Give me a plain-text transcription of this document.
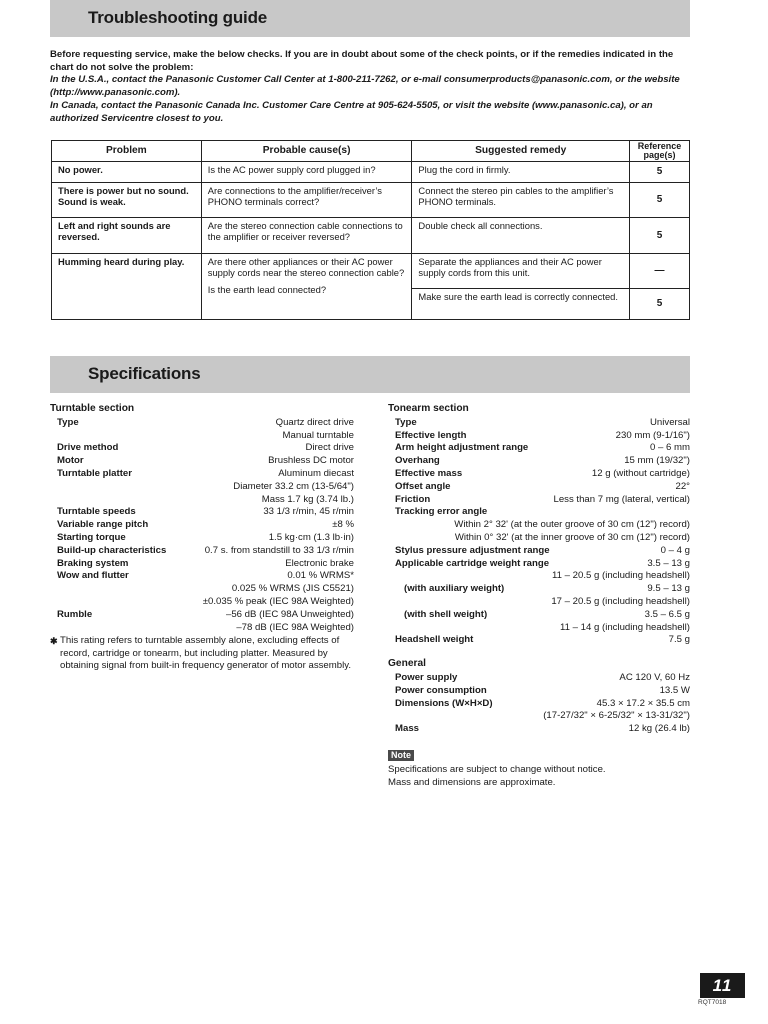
Troubleshooting guide

Before requesting service, make the below checks. If you are in doubt about some of the check points, or if the remedies indicated in the chart do not solve the problem:

In the U.S.A., contact the Panasonic Customer Call Center at 1-800-211-7262, or e-mail consumerproducts@panasonic.com, or the website (http://www.panasonic.com).

In Canada, contact the Panasonic Canada Inc. Customer Care Centre at 905-624-5505, or visit the website (www.panasonic.ca), or an authorized Servicentre closest to you.

Problem	Probable cause(s)	Suggested remedy	Reference page(s)
No power.	Is the AC power supply cord plugged in?	Plug the cord in firmly.	5
There is power but no sound. Sound is weak.	Are connections to the amplifier/receiver’s PHONO terminals correct?	Connect the stereo pin cables to the amplifier’s PHONO terminals.	5
Left and right sounds are reversed.	Are the stereo connection cable connections to the amplifier or receiver reversed?	Double check all connections.	5
Humming heard during play.	Are there other appliances or their AC power supply cords near the stereo connection cable?
Is the earth lead connected?	Separate the appliances and their AC power supply cords from this unit.	—
		Make sure the earth lead is correctly connected.	5
Specifications
Turntable section
Type	Quartz direct drive
Manual turntable
Drive method	Direct drive
Motor	Brushless DC motor
Turntable platter	Aluminum diecast
Diameter 33.2 cm (13-5/64")
Mass 1.7 kg (3.74 lb.)
Turntable speeds	33 1/3 r/min, 45 r/min
Variable range pitch	±8 %
Starting torque	1.5 kg·cm (1.3 lb·in)
Build-up characteristics	0.7 s. from standstill to 33 1/3 r/min
Braking system	Electronic brake
Wow and flutter	0.01 % WRMS*
0.025 % WRMS (JIS C5521)
±0.035 % peak (IEC 98A Weighted)
Rumble	–56 dB (IEC 98A Unweighted)
–78 dB (IEC 98A Weighted)
✱ This rating refers to turntable assembly alone, excluding effects of record, cartridge or tonearm, but including platter. Measured by obtaining signal from built-in frequency generator of motor assembly.
Tonearm section
Type	Universal
Effective length	230 mm (9-1/16")
Arm height adjustment range	0 – 6 mm
Overhang	15 mm (19/32")
Effective mass	12 g (without cartridge)
Offset angle	22°
Friction	Less than 7 mg (lateral, vertical)
Tracking error angle
Within 2° 32' (at the outer groove of 30 cm (12") record)
Within 0° 32' (at the inner groove of 30 cm (12") record)
Stylus pressure adjustment range	0 – 4 g
Applicable cartridge weight range	3.5 – 13 g
11 – 20.5 g (including headshell)
(with auxiliary weight)	9.5 – 13 g
17 – 20.5 g (including headshell)
(with shell weight)	3.5 – 6.5 g
11 – 14 g (including headshell)
Headshell weight	7.5 g
General
Power supply	AC 120 V, 60 Hz
Power consumption	13.5 W
Dimensions (W×H×D)	45.3 × 17.2 × 35.5 cm
(17-27/32" × 6-25/32" × 13-31/32")
Mass	12 kg (26.4 lb)
Note
Specifications are subject to change without notice.
Mass and dimensions are approximate.
11
RQT7018
